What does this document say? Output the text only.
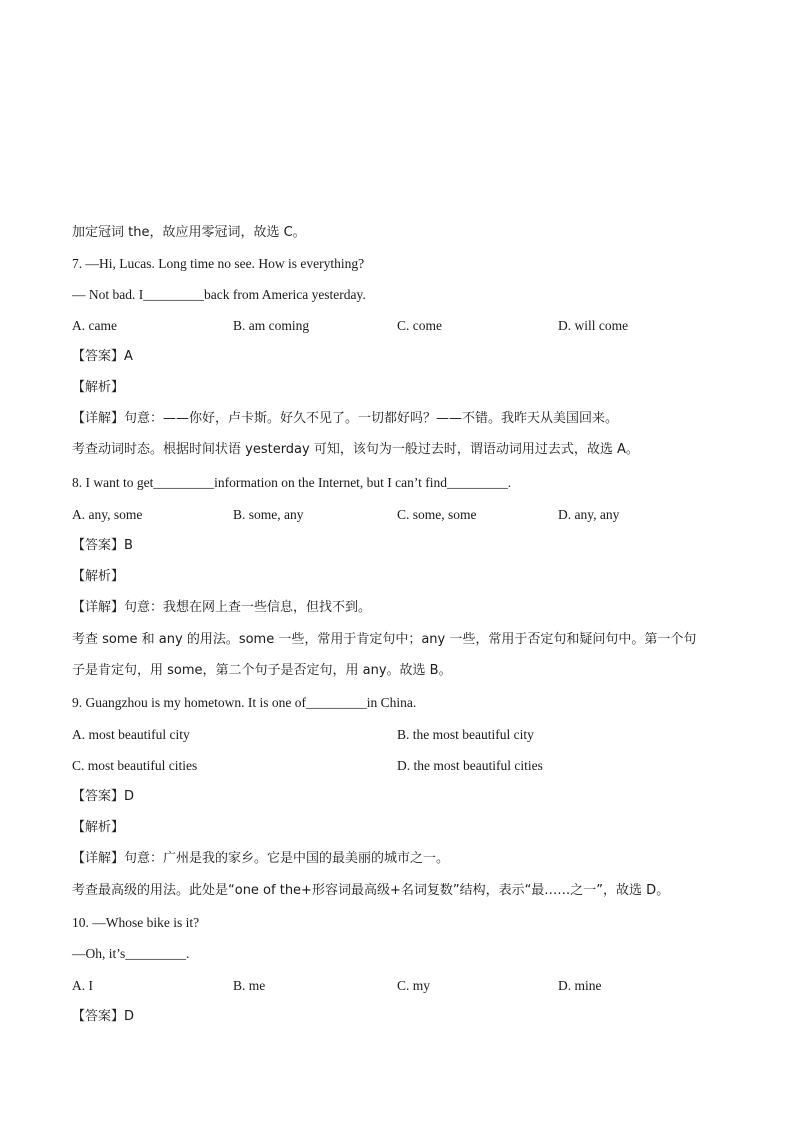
加定冠词 the，故应用零冠词，故选 C。
7. —Hi, Lucas. Long time no see. How is everything?
— Not bad. I_________back from America yesterday.
A. came	B. am coming	C. come	D. will come
【答案】A
【解析】
【详解】句意：——你好，卢卡斯。好久不见了。一切都好吗？——不错。我昨天从美国回来。
考查动词时态。根据时间状语 yesterday 可知，该句为一般过去时，谓语动词用过去式，故选 A。
8. I want to get_________information on the Internet, but I can’t find_________.
A. any, some	B. some, any	C. some, some	D. any, any
【答案】B
【解析】
【详解】句意：我想在网上查一些信息，但找不到。
考查 some 和 any 的用法。some 一些，常用于肯定句中；any 一些，常用于否定句和疑问句中。第一个句
子是肯定句，用 some，第二个句子是否定句，用 any。故选 B。
9. Guangzhou is my hometown. It is one of_________in China.
A. most beautiful city	B. the most beautiful city
C. most beautiful cities	D. the most beautiful cities
【答案】D
【解析】
【详解】句意：广州是我的家乡。它是中国的最美丽的城市之一。
考查最高级的用法。此处是“one of the+形容词最高级+名词复数”结构，表示“最……之一”，故选 D。
10. —Whose bike is it?
—Oh, it’s_________.
A. I	B. me	C. my	D. mine
【答案】D
